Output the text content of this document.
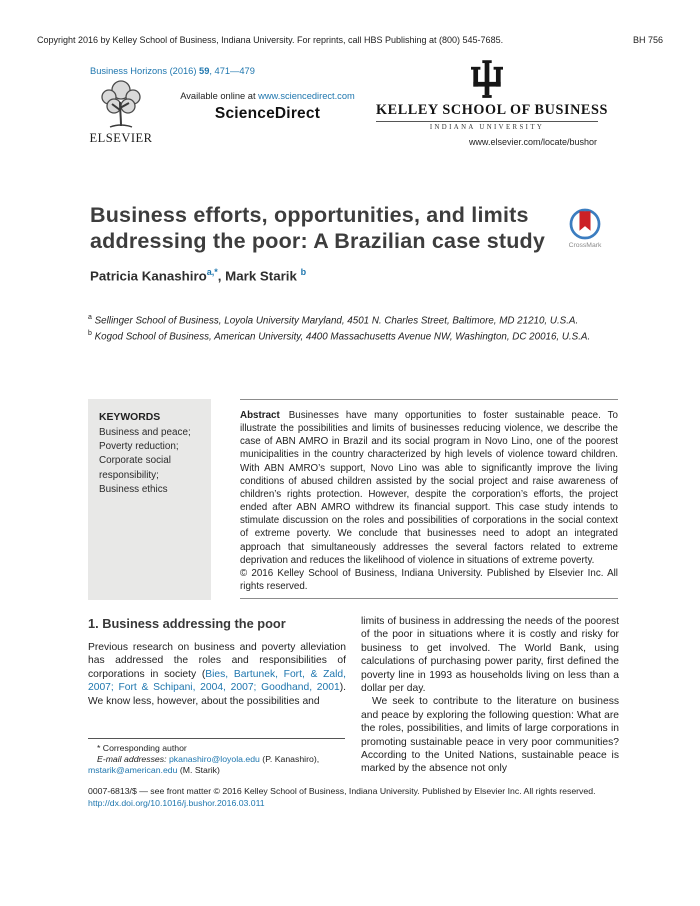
Copyright 2016 by Kelley School of Business, Indiana University. For reprints, call HBS Publishing at (800) 545-7685.	BH 756
Business Horizons (2016) 59, 471—479
ELSEVIER
Available online at www.sciencedirect.com
ScienceDirect	KELLEY SCHOOL OF BUSINESS
INDIANA UNIVERSITY
www.elsevier.com/locate/bushor
Business efforts, opportunities, and limits
addressing the poor: A Brazilian case study	CrossMark
Patricia Kanashiro$^{a,*}$, Mark Starik $^b$
$^a$ Sellinger School of Business, Loyola University Maryland, 4501 N. Charles Street, Baltimore, MD 21210, U.S.A.
$^b$ Kogod School of Business, American University, 4400 Massachusetts Avenue NW, Washington, DC 20016, U.S.A.
KEYWORDS
Business and peace;
Poverty reduction;
Corporate social responsibility;
Business ethics
Abstract Businesses have many opportunities to foster sustainable peace. To illustrate the possibilities and limits of businesses reducing violence, we describe the case of ABN AMRO in Brazil and its social program in Novo Lino, one of the poorest municipalities in the country characterized by high levels of violence toward children. With ABN AMRO’s support, Novo Lino was able to significantly improve the living conditions of abused children assisted by the social project and raise awareness of children’s rights protection. However, despite the corporation’s efforts, the project ended after ABN AMRO withdrew its financial support. This case study intends to stimulate discussion on the roles and possibilities of corporations in the social context of extreme poverty. We conclude that businesses need to adopt an integrated approach that simultaneously addresses the several factors related to extreme deprivation and reduces the likelihood of violence in situations of extreme poverty.
© 2016 Kelley School of Business, Indiana University. Published by Elsevier Inc. All rights reserved.
1. Business addressing the poor
Previous research on business and poverty alleviation has addressed the roles and responsibilities of corporations in society (Bies, Bartunek, Fort, & Zald, 2007; Fort & Schipani, 2004, 2007; Goodhand, 2001). We know less, however, about the possibilities and
limits of business in addressing the needs of the poorest of the poor in situations where it is costly and risky for business to get involved. The World Bank, using calculations of purchasing power parity, first defined the poverty line in 1993 as households living on less than a dollar per day.
We seek to contribute to the literature on business and peace by exploring the following question: What are the roles, possibilities, and limits of large corporations in promoting sustainable peace in very poor communities? According to the United Nations, sustainable peace is marked by the absence not only
* Corresponding author
E-mail addresses: pkanashiro@loyola.edu (P. Kanashiro),
mstarik@american.edu (M. Starik)
0007-6813/$ — see front matter © 2016 Kelley School of Business, Indiana University. Published by Elsevier Inc. All rights reserved.
http://dx.doi.org/10.1016/j.bushor.2016.03.011
